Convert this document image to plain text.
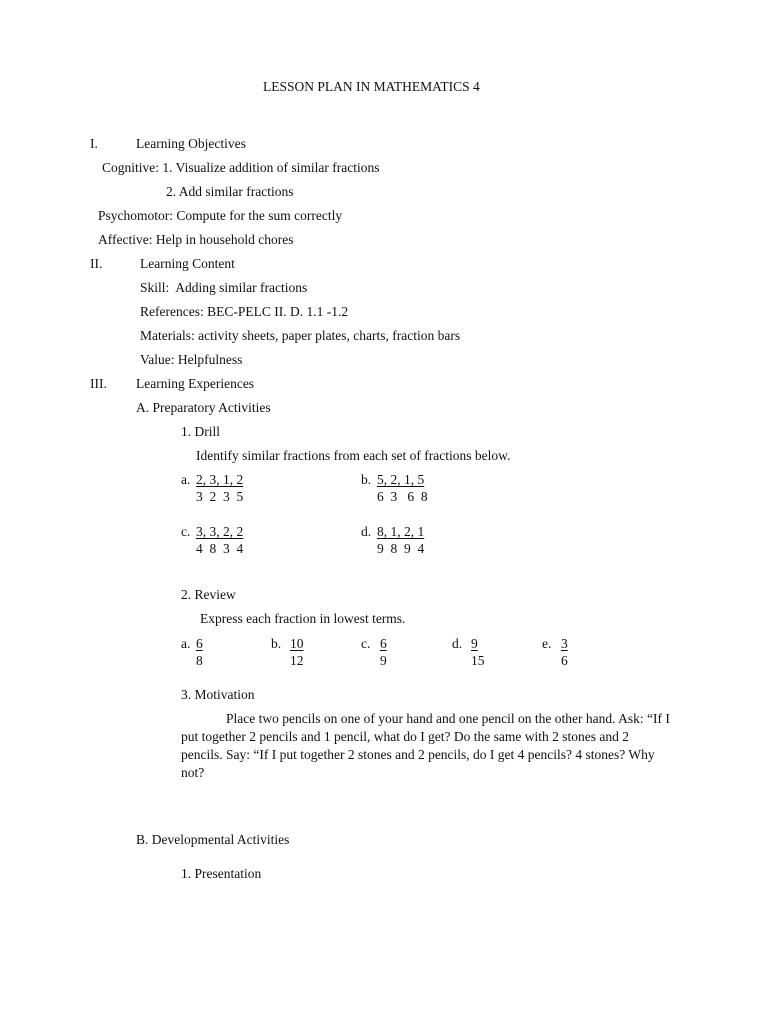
LESSON PLAN IN MATHEMATICS 4
I.	Learning Objectives
Cognitive: 1. Visualize addition of similar fractions
2. Add similar fractions
Psychomotor: Compute for the sum correctly
Affective: Help in household chores
II.	Learning Content
Skill:  Adding similar fractions
References: BEC-PELC II. D. 1.1 -1.2
Materials: activity sheets, paper plates, charts, fraction bars
Value: Helpfulness
III. Learning Experiences
A. Preparatory Activities
1. Drill
Identify similar fractions from each set of fractions below.
a. 2, 3, 1, 2
3  2  3  5
b. 5, 2, 1, 5
6  3   6  8
c. 3, 3, 2, 2
4  8  3  4
d. 8, 1, 2, 1
9  8  9  4
2. Review
Express each fraction in lowest terms.
a. 6
8
b. 10
12
c. 6
9
d. 9
15
e. 3
6
3. Motivation
Place two pencils on one of your hand and one pencil on the other hand. Ask: “If I put together 2 pencils and 1 pencil, what do I get? Do the same with 2 stones and 2 pencils. Say: “If I put together 2 stones and 2 pencils, do I get 4 pencils? 4 stones? Why not?
B. Developmental Activities
1. Presentation
